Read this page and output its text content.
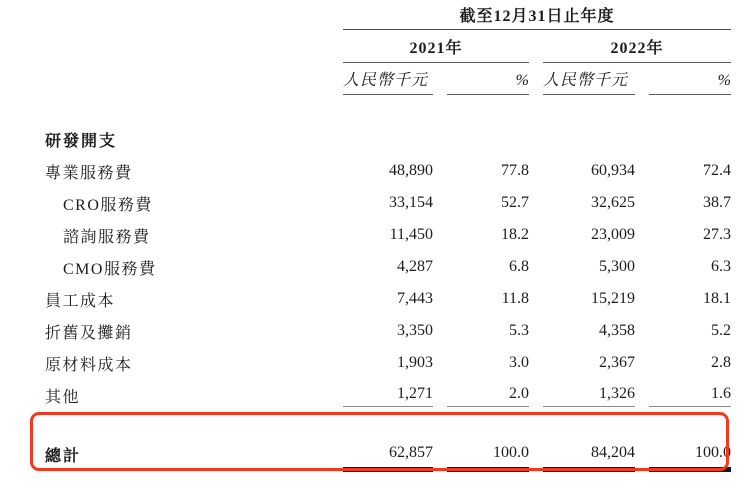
截至12月31日止年度
2021年	2022年
人民幣千元	% 人民幣千元	%
研發開支
專業服務費	48,890	77.8	60,934	72.4
CRO服務費	33,154	52.7	32,625	38.7
諮詢服務費	11,450	18.2	23,009	27.3
CMO服務費	4,287	6.8	5,300	6.3
員工成本	7,443	11.8	15,219	18.1
折舊及攤銷	3,350	5.3	4,358	5.2
原材料成本	1,903	3.0	2,367	2.8
其他	1,271	2.0	1,326	1.6
總計	62,857	100.0	84,204	100.0
